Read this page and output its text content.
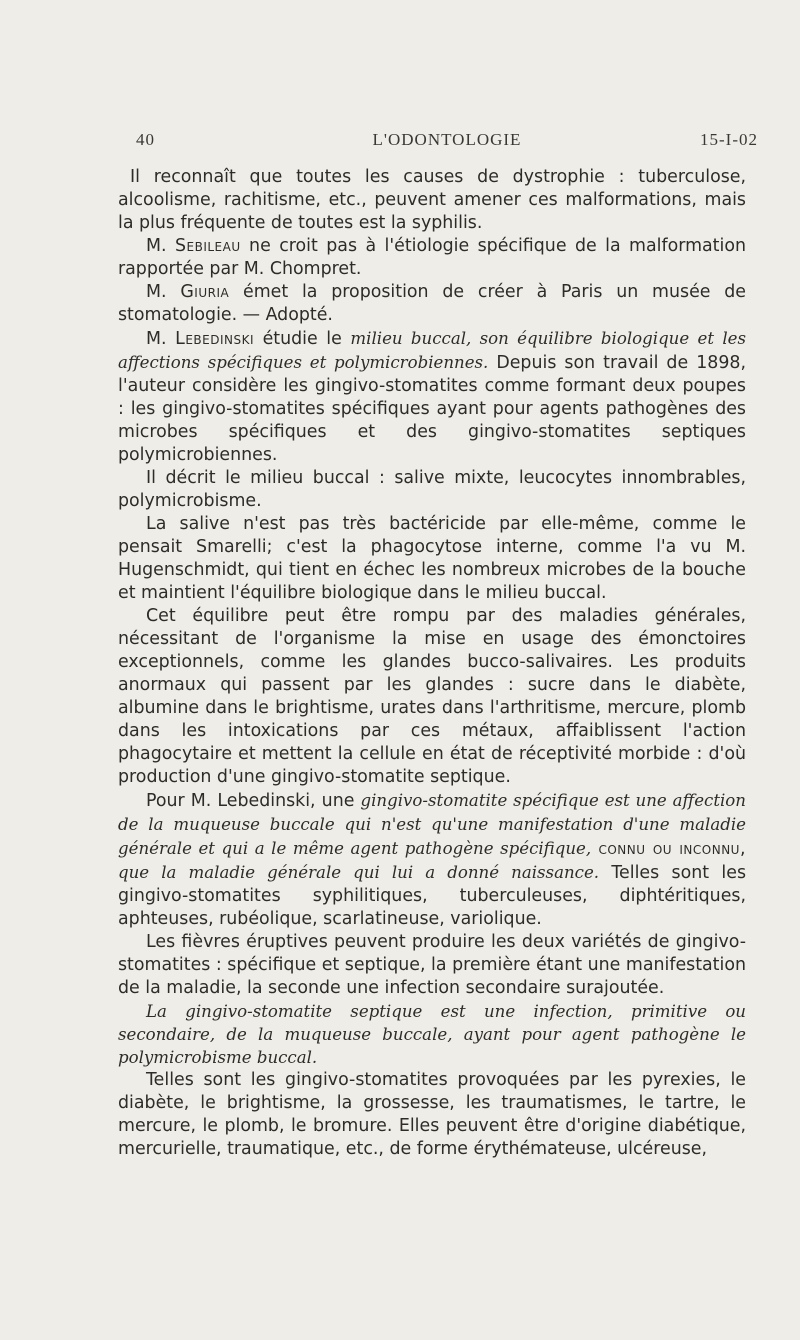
40	L'ODONTOLOGIE	15-I-02

Il reconnaît que toutes les causes de dystrophie : tuberculose, alcoolisme, rachitisme, etc., peuvent amener ces malformations, mais la plus fréquente de toutes est la syphilis.

M. Sebileau ne croit pas à l'étiologie spécifique de la malformation rapportée par M. Chompret.

M. Giuria émet la proposition de créer à Paris un musée de stomatologie. — Adopté.

M. Lebedinski étudie le milieu buccal, son équilibre biologique et les affections spécifiques et polymicrobiennes. Depuis son travail de 1898, l'auteur considère les gingivo-stomatites comme formant deux poupes : les gingivo-stomatites spécifiques ayant pour agents pathogènes des microbes spécifiques et des gingivo-stomatites septiques polymicrobiennes.

Il décrit le milieu buccal : salive mixte, leucocytes innombrables, polymicrobisme.

La salive n'est pas très bactéricide par elle-même, comme le pensait Smarelli; c'est la phagocytose interne, comme l'a vu M. Hugenschmidt, qui tient en échec les nombreux microbes de la bouche et maintient l'équilibre biologique dans le milieu buccal.

Cet équilibre peut être rompu par des maladies générales, nécessitant de l'organisme la mise en usage des émonctoires exceptionnels, comme les glandes bucco-salivaires. Les produits anormaux qui passent par les glandes : sucre dans le diabète, albumine dans le brightisme, urates dans l'arthritisme, mercure, plomb dans les intoxications par ces métaux, affaiblissent l'action phagocytaire et mettent la cellule en état de réceptivité morbide : d'où production d'une gingivo-stomatite septique.

Pour M. Lebedinski, une gingivo-stomatite spécifique est une affection de la muqueuse buccale qui n'est qu'une manifestation d'une maladie générale et qui a le même agent pathogène spécifique, connu ou inconnu, que la maladie générale qui lui a donné naissance. Telles sont les gingivo-stomatites syphilitiques, tuberculeuses, diphtéritiques, aphteuses, rubéolique, scarlatineuse, variolique.

Les fièvres éruptives peuvent produire les deux variétés de gingivo-stomatites : spécifique et septique, la première étant une manifestation de la maladie, la seconde une infection secondaire surajoutée.

La gingivo-stomatite septique est une infection, primitive ou secondaire, de la muqueuse buccale, ayant pour agent pathogène le polymicrobisme buccal.

Telles sont les gingivo-stomatites provoquées par les pyrexies, le diabète, le brightisme, la grossesse, les traumatismes, le tartre, le mercure, le plomb, le bromure. Elles peuvent être d'origine diabétique, mercurielle, traumatique, etc., de forme érythémateuse, ulcéreuse,
